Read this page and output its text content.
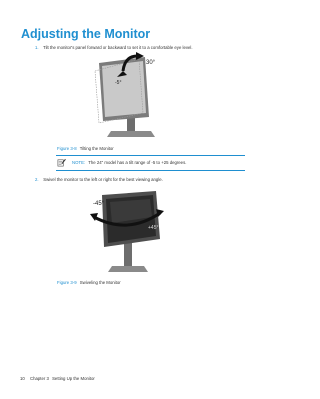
Adjusting the Monitor
1. Tilt the monitor's panel forward or backward to set it to a comfortable eye level.
30°
-5°
Figure 3-8 Tilting the Monitor
NOTE: The 24" model has a tilt range of -5 to +25 degrees.
2. Swivel the monitor to the left or right for the best viewing angle.
-45°
+45°
Figure 3-9 Swiveling the Monitor
10 Chapter 3 Setting Up the Monitor
